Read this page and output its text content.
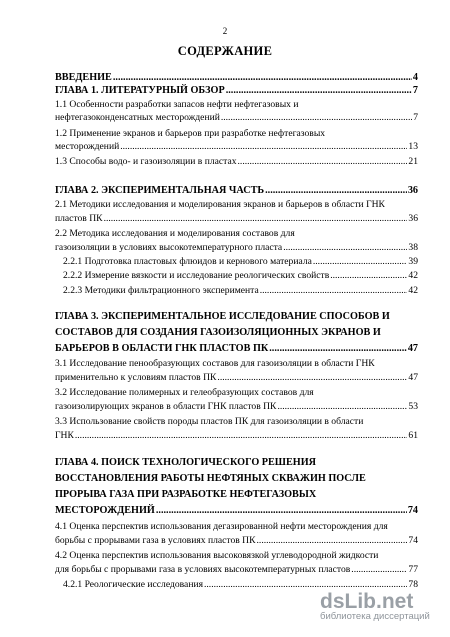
2
СОДЕРЖАНИЕ
ВВЕДЕНИЕ .....	4
ГЛАВА 1. ЛИТЕРАТУРНЫЙ ОБЗОР .....	7
1.1 Особенности разработки запасов нефти нефтегазовых и
нефтегазоконденсатных месторождений .....	7
1.2 Применение экранов и барьеров при разработке нефтегазовых
месторождений .....	13
1.3 Способы водо- и газоизоляции в пластах .....	21
ГЛАВА 2. ЭКСПЕРИМЕНТАЛЬНАЯ ЧАСТЬ .....	36
2.1 Методики исследования и моделирования экранов и барьеров в области ГНК
пластов ПК .....	36
2.2 Методика исследования и моделирования составов для
газоизоляции в условиях высокотемпературного пласта .....	38
2.2.1 Подготовка пластовых флюидов и кернового материала .....	39
2.2.2 Измерение вязкости и исследование реологических свойств .....	42
2.2.3 Методики фильтрационного эксперимента .....	42
ГЛАВА 3. ЭКСПЕРИМЕНТАЛЬНОЕ ИССЛЕДОВАНИЕ СПОСОБОВ И
СОСТАВОВ ДЛЯ СОЗДАНИЯ ГАЗОИЗОЛЯЦИОННЫХ ЭКРАНОВ И
БАРЬЕРОВ В ОБЛАСТИ ГНК ПЛАСТОВ ПК .....	47
3.1 Исследование пенообразующих составов для газоизоляции в области ГНК
применительно к условиям пластов ПК .....	47
3.2 Исследование полимерных и гелеобразующих составов для
газоизолирующих экранов в области ГНК пластов ПК .....	53
3.3 Использование свойств породы пластов ПК для газоизоляции в области
ГНК .....	61
ГЛАВА 4. ПОИСК ТЕХНОЛОГИЧЕСКОГО РЕШЕНИЯ
ВОССТАНОВЛЕНИЯ РАБОТЫ НЕФТЯНЫХ СКВАЖИН ПОСЛЕ
ПРОРЫВА ГАЗА ПРИ РАЗРАБОТКЕ НЕФТЕГАЗОВЫХ
МЕСТОРОЖДЕНИЙ .....	74
4.1 Оценка перспектив использования дегазированной нефти месторождения для
борьбы с прорывами газа в условиях пластов ПК .....	74
4.2 Оценка перспектив использования высоковязкой углеводородной жидкости
для борьбы с прорывами газа в условиях высокотемпературных пластов .....	77
4.2.1 Реологические исследования .....	78
dsLib.net
библиотека диссертаций
